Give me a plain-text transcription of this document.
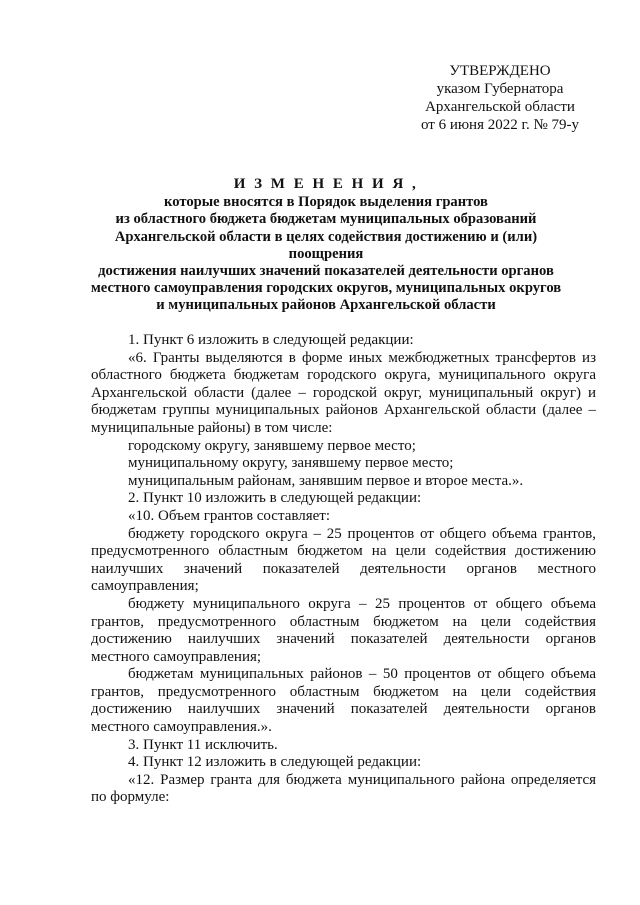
УТВЕРЖДЕНО
указом Губернатора
Архангельской области
от 6 июня 2022 г. № 79-у
И З М Е Н Е Н И Я ,
которые вносятся в Порядок выделения грантов
из областного бюджета бюджетам муниципальных образований
Архангельской области в целях содействия достижению и (или) поощрения
достижения наилучших значений показателей деятельности органов
местного самоуправления городских округов, муниципальных округов
и муниципальных районов Архангельской области

1. Пункт 6 изложить в следующей редакции:

«6. Гранты выделяются в форме иных межбюджетных трансфертов из областного бюджета бюджетам городского округа, муниципального округа Архангельской области (далее – городской округ, муниципальный округ) и бюджетам группы муниципальных районов Архангельской области (далее – муниципальные районы) в том числе:

городскому округу, занявшему первое место;

муниципальному округу, занявшему первое место;

муниципальным районам, занявшим первое и второе места.».

2. Пункт 10 изложить в следующей редакции:

«10. Объем грантов составляет:

бюджету городского округа – 25 процентов от общего объема грантов, предусмотренного областным бюджетом на цели содействия достижению наилучших значений показателей деятельности органов местного самоуправления;

бюджету муниципального округа – 25 процентов от общего объема грантов, предусмотренного областным бюджетом на цели содействия достижению наилучших значений показателей деятельности органов местного самоуправления;

бюджетам муниципальных районов – 50 процентов от общего объема грантов, предусмотренного областным бюджетом на цели содействия достижению наилучших значений показателей деятельности органов местного самоуправления.».

3. Пункт 11 исключить.

4. Пункт 12 изложить в следующей редакции:

«12. Размер гранта для бюджета муниципального района определяется по формуле:
